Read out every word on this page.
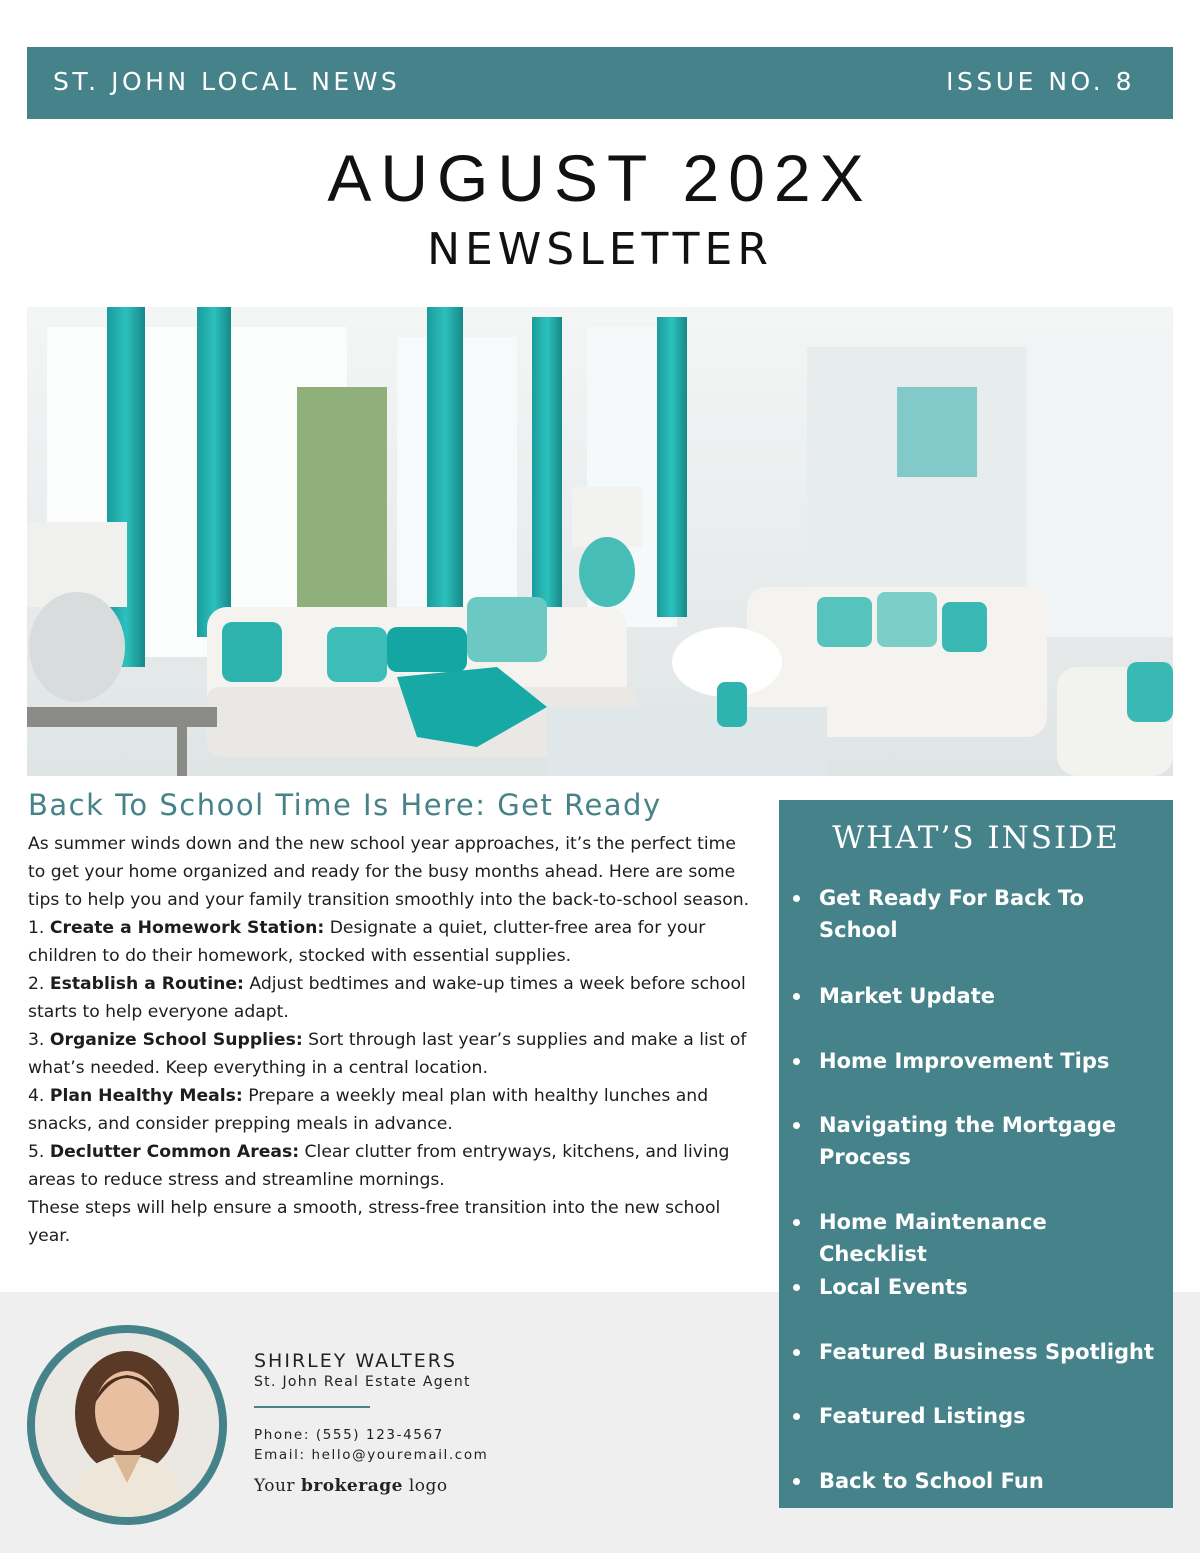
ST. JOHN LOCAL NEWS	ISSUE NO. 8
AUGUST 202X
NEWSLETTER
Back To School Time Is Here: Get Ready

As summer winds down and the new school year approaches, it’s the perfect time to get your home organized and ready for the busy months ahead. Here are some tips to help you and your family transition smoothly into the back-to-school season.

1. Create a Homework Station: Designate a quiet, clutter-free area for your children to do their homework, stocked with essential supplies.

2. Establish a Routine: Adjust bedtimes and wake-up times a week before school starts to help everyone adapt.

3. Organize School Supplies: Sort through last year’s supplies and make a list of what’s needed. Keep everything in a central location.

4. Plan Healthy Meals: Prepare a weekly meal plan with healthy lunches and snacks, and consider prepping meals in advance.

5. Declutter Common Areas: Clear clutter from entryways, kitchens, and living areas to reduce stress and streamline mornings.

These steps will help ensure a smooth, stress-free transition into the new school year.

SHIRLEY WALTERS
St. John Real Estate Agent
Phone: (555) 123-4567
Email: hello@youremail.com
Your brokerage logo
WHAT’S INSIDE
Get Ready For Back To School
Market Update
Home Improvement Tips
Navigating the Mortgage Process
Home Maintenance Checklist
Local Events
Featured Business Spotlight
Featured Listings
Back to School Fun
